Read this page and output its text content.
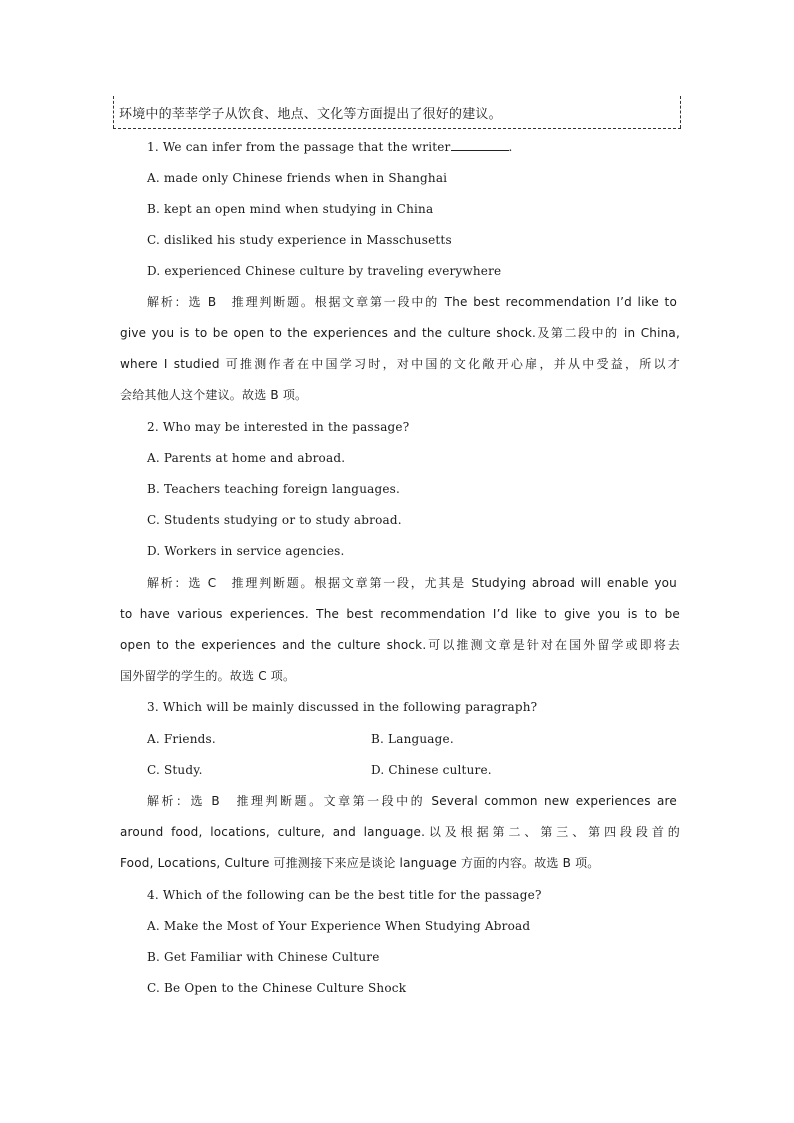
环境中的莘莘学子从饮食、地点、文化等方面提出了很好的建议。
1. We can infer from the passage that the writer	.
A. made only Chinese friends when in Shanghai
B. kept an open mind when studying in China
C. disliked his study experience in Masschusetts
D. experienced Chinese culture by traveling everywhere
解析：选 B　推理判断题。根据文章第一段中的 The best recommendation I’d like to
give you is to be open to the experiences and the culture shock.及第二段中的 in China,
where I studied 可推测作者在中国学习时，对中国的文化敞开心扉，并从中受益，所以才
会给其他人这个建议。故选 B 项。
2. Who may be interested in the passage?
A. Parents at home and abroad.
B. Teachers teaching foreign languages.
C. Students studying or to study abroad.
D. Workers in service agencies.
解析：选 C　推理判断题。根据文章第一段，尤其是 Studying abroad will enable you
to have various experiences. The best recommendation I’d like to give you is to be
open to the experiences and the culture shock.可以推测文章是针对在国外留学或即将去
国外留学的学生的。故选 C 项。
3. Which will be mainly discussed in the following paragraph?
A. Friends.	B. Language.
C. Study.	D. Chinese culture.
解析：选 B　推理判断题。文章第一段中的 Several common new experiences are
around food, locations, culture, and language.以及根据第二、第三、第四段段首的
Food, Locations, Culture 可推测接下来应是谈论 language 方面的内容。故选 B 项。
4. Which of the following can be the best title for the passage?
A. Make the Most of Your Experience When Studying Abroad
B. Get Familiar with Chinese Culture
C. Be Open to the Chinese Culture Shock
